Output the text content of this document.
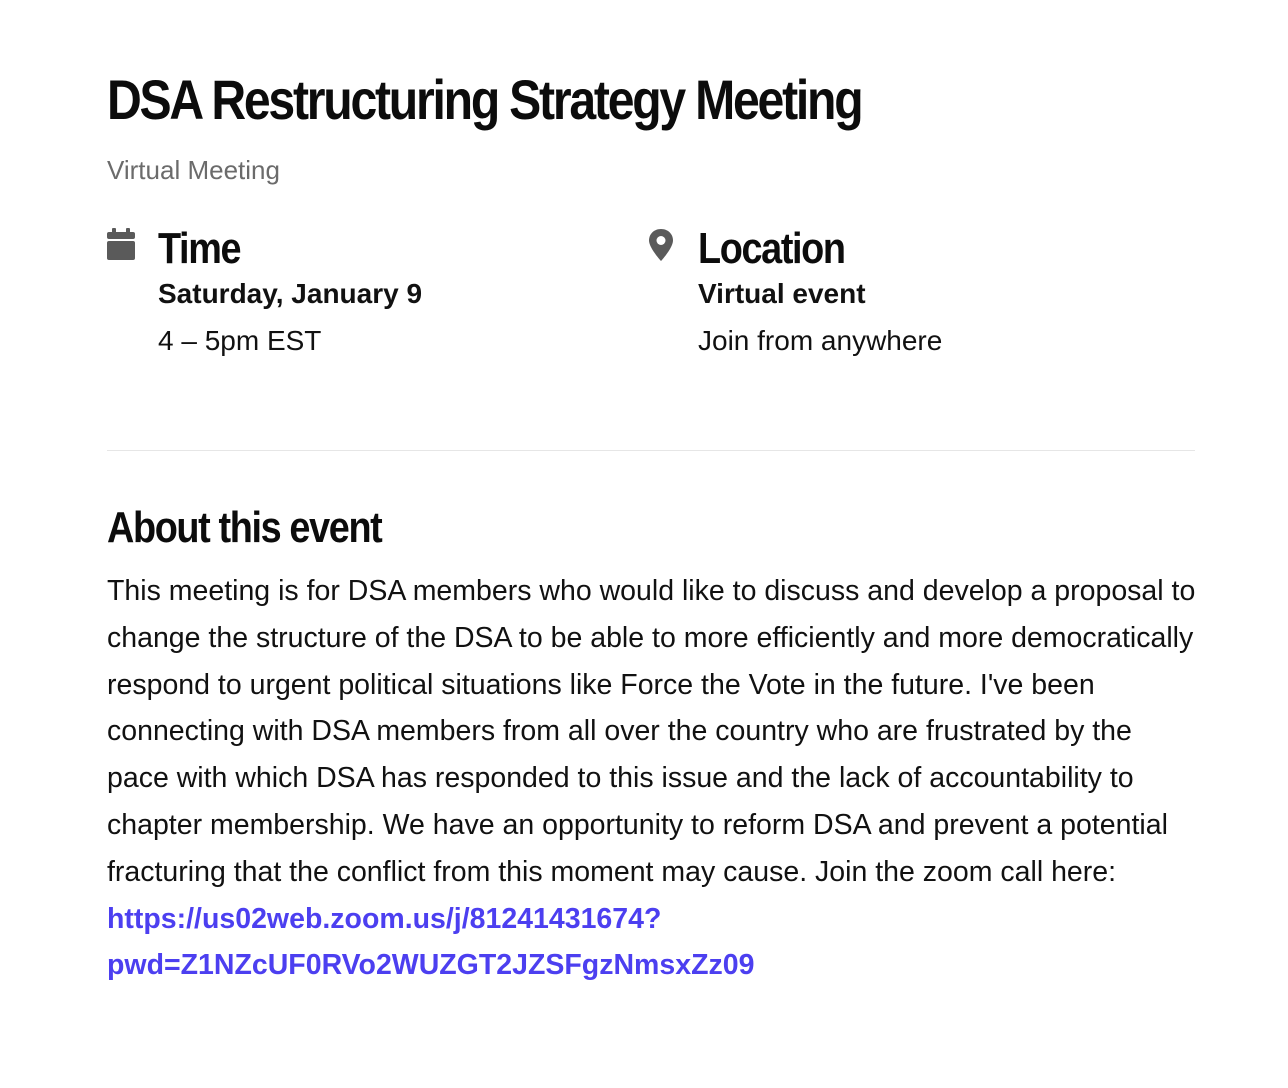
DSA Restructuring Strategy Meeting
Virtual Meeting
Time
Saturday, January 9
4 – 5pm EST
Location
Virtual event
Join from anywhere
About this event
This meeting is for DSA members who would like to discuss and develop a proposal to change the structure of the DSA to be able to more efficiently and more democratically respond to urgent political situations like Force the Vote in the future. I've been connecting with DSA members from all over the country who are frustrated by the pace with which DSA has responded to this issue and the lack of accountability to chapter membership. We have an opportunity to reform DSA and prevent a potential fracturing that the conflict from this moment may cause. Join the zoom call here:
https://us02web.zoom.us/j/81241431674?
pwd=Z1NZcUF0RVo2WUZGT2JZSFgzNmsxZz09
